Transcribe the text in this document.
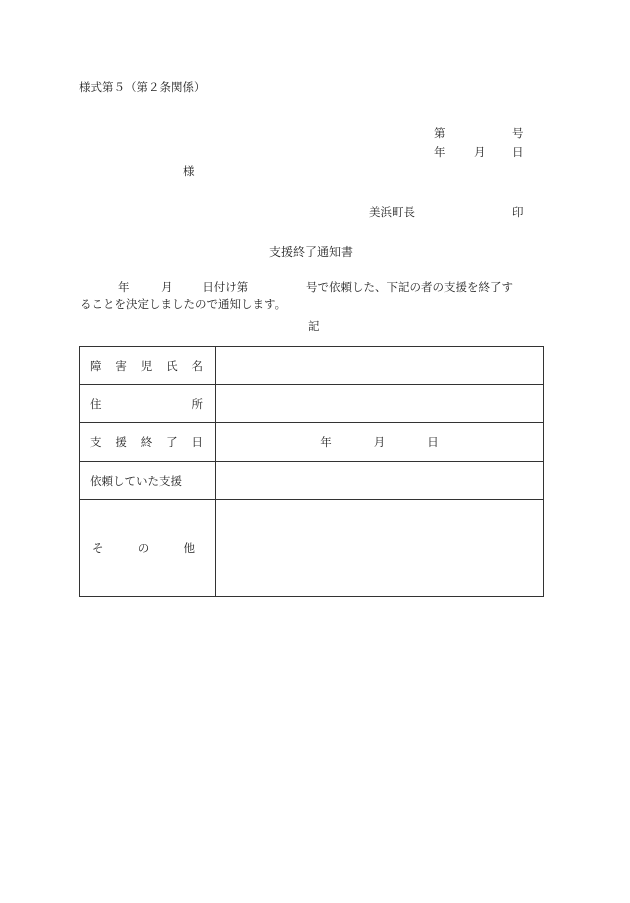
様式第５（第２条関係）
第	号
年 月 日
様
美浜町長	印
支援終了通知書
年	月	日付け第	号で依頼した、下記の者の支援を終了す
ることを決定しましたので通知します。
記
障 害 児 氏 名	

住 所	

支 援 終 了 日	年 月 日

依頼していた支援	

そ の 他	
